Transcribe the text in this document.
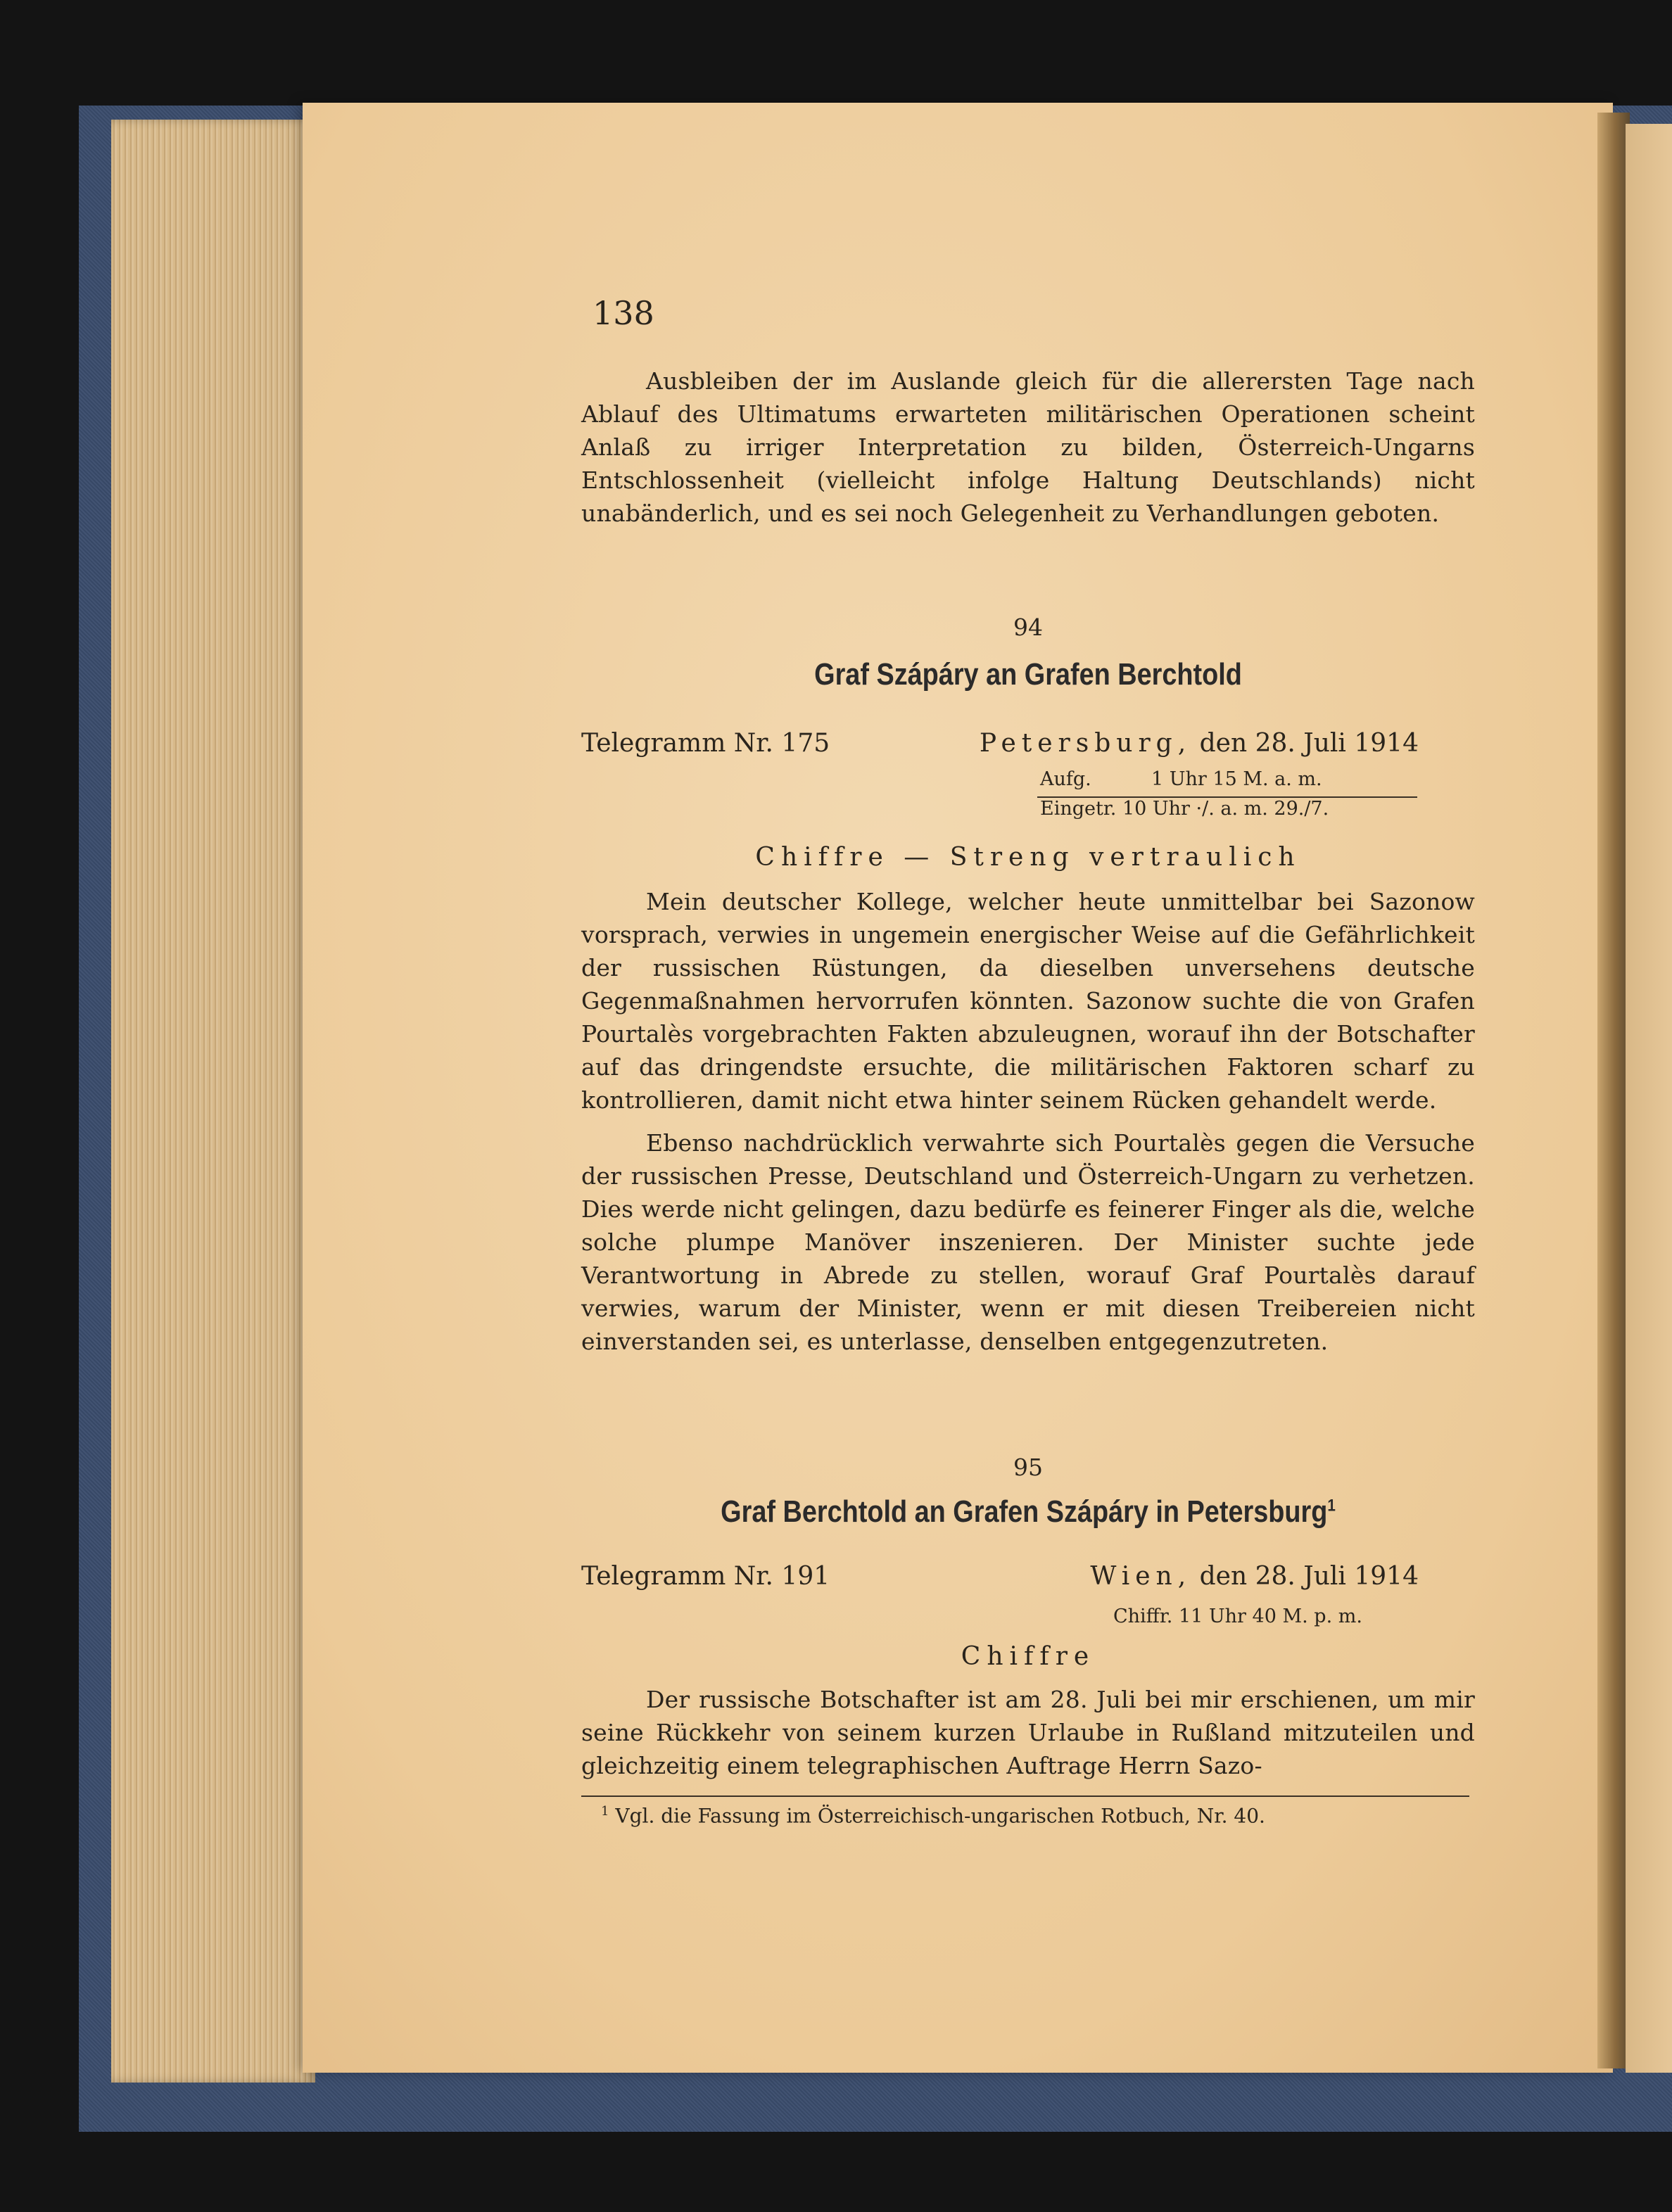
138

Ausbleiben der im Auslande gleich für die allerersten Tage nach Ablauf des Ultimatums erwarteten militärischen Operationen scheint Anlaß zu irriger Interpretation zu bilden, Österreich-Ungarns Entschlossenheit (vielleicht infolge Haltung Deutschlands) nicht unabänderlich, und es sei noch Gelegenheit zu Verhandlungen geboten.

94
Graf Szápáry an Grafen Berchtold
Telegramm Nr. 175	Petersburg, den 28. Juli 1914
Aufg.	1 Uhr 15 M. a. m.
Eingetr. 10 Uhr ·/. a. m. 29./7.
Chiffre — Streng vertraulich

Mein deutscher Kollege, welcher heute unmittelbar bei Sazonow vorsprach, verwies in ungemein energischer Weise auf die Gefährlichkeit der russischen Rüstungen, da dieselben unversehens deutsche Gegenmaßnahmen hervorrufen könnten. Sazonow suchte die von Grafen Pourtalès vorgebrachten Fakten abzuleugnen, worauf ihn der Botschafter auf das dringendste ersuchte, die militärischen Faktoren scharf zu kontrollieren, damit nicht etwa hinter seinem Rücken gehandelt werde.

Ebenso nachdrücklich verwahrte sich Pourtalès gegen die Versuche der russischen Presse, Deutschland und Österreich-Ungarn zu verhetzen. Dies werde nicht gelingen, dazu bedürfe es feinerer Finger als die, welche solche plumpe Manöver inszenieren. Der Minister suchte jede Verantwortung in Abrede zu stellen, worauf Graf Pourtalès darauf verwies, warum der Minister, wenn er mit diesen Treibereien nicht einverstanden sei, es unterlasse, denselben entgegenzutreten.

95
Graf Berchtold an Grafen Szápáry in Petersburg$^1$
Telegramm Nr. 191	Wien, den 28. Juli 1914
Chiffr. 11 Uhr 40 M. p. m.
Chiffre

Der russische Botschafter ist am 28. Juli bei mir erschienen, um mir seine Rückkehr von seinem kurzen Urlaube in Rußland mitzuteilen und gleichzeitig einem telegraphischen Auftrage Herrn Sazo-

$^1$ Vgl. die Fassung im Österreichisch-ungarischen Rotbuch, Nr. 40.
